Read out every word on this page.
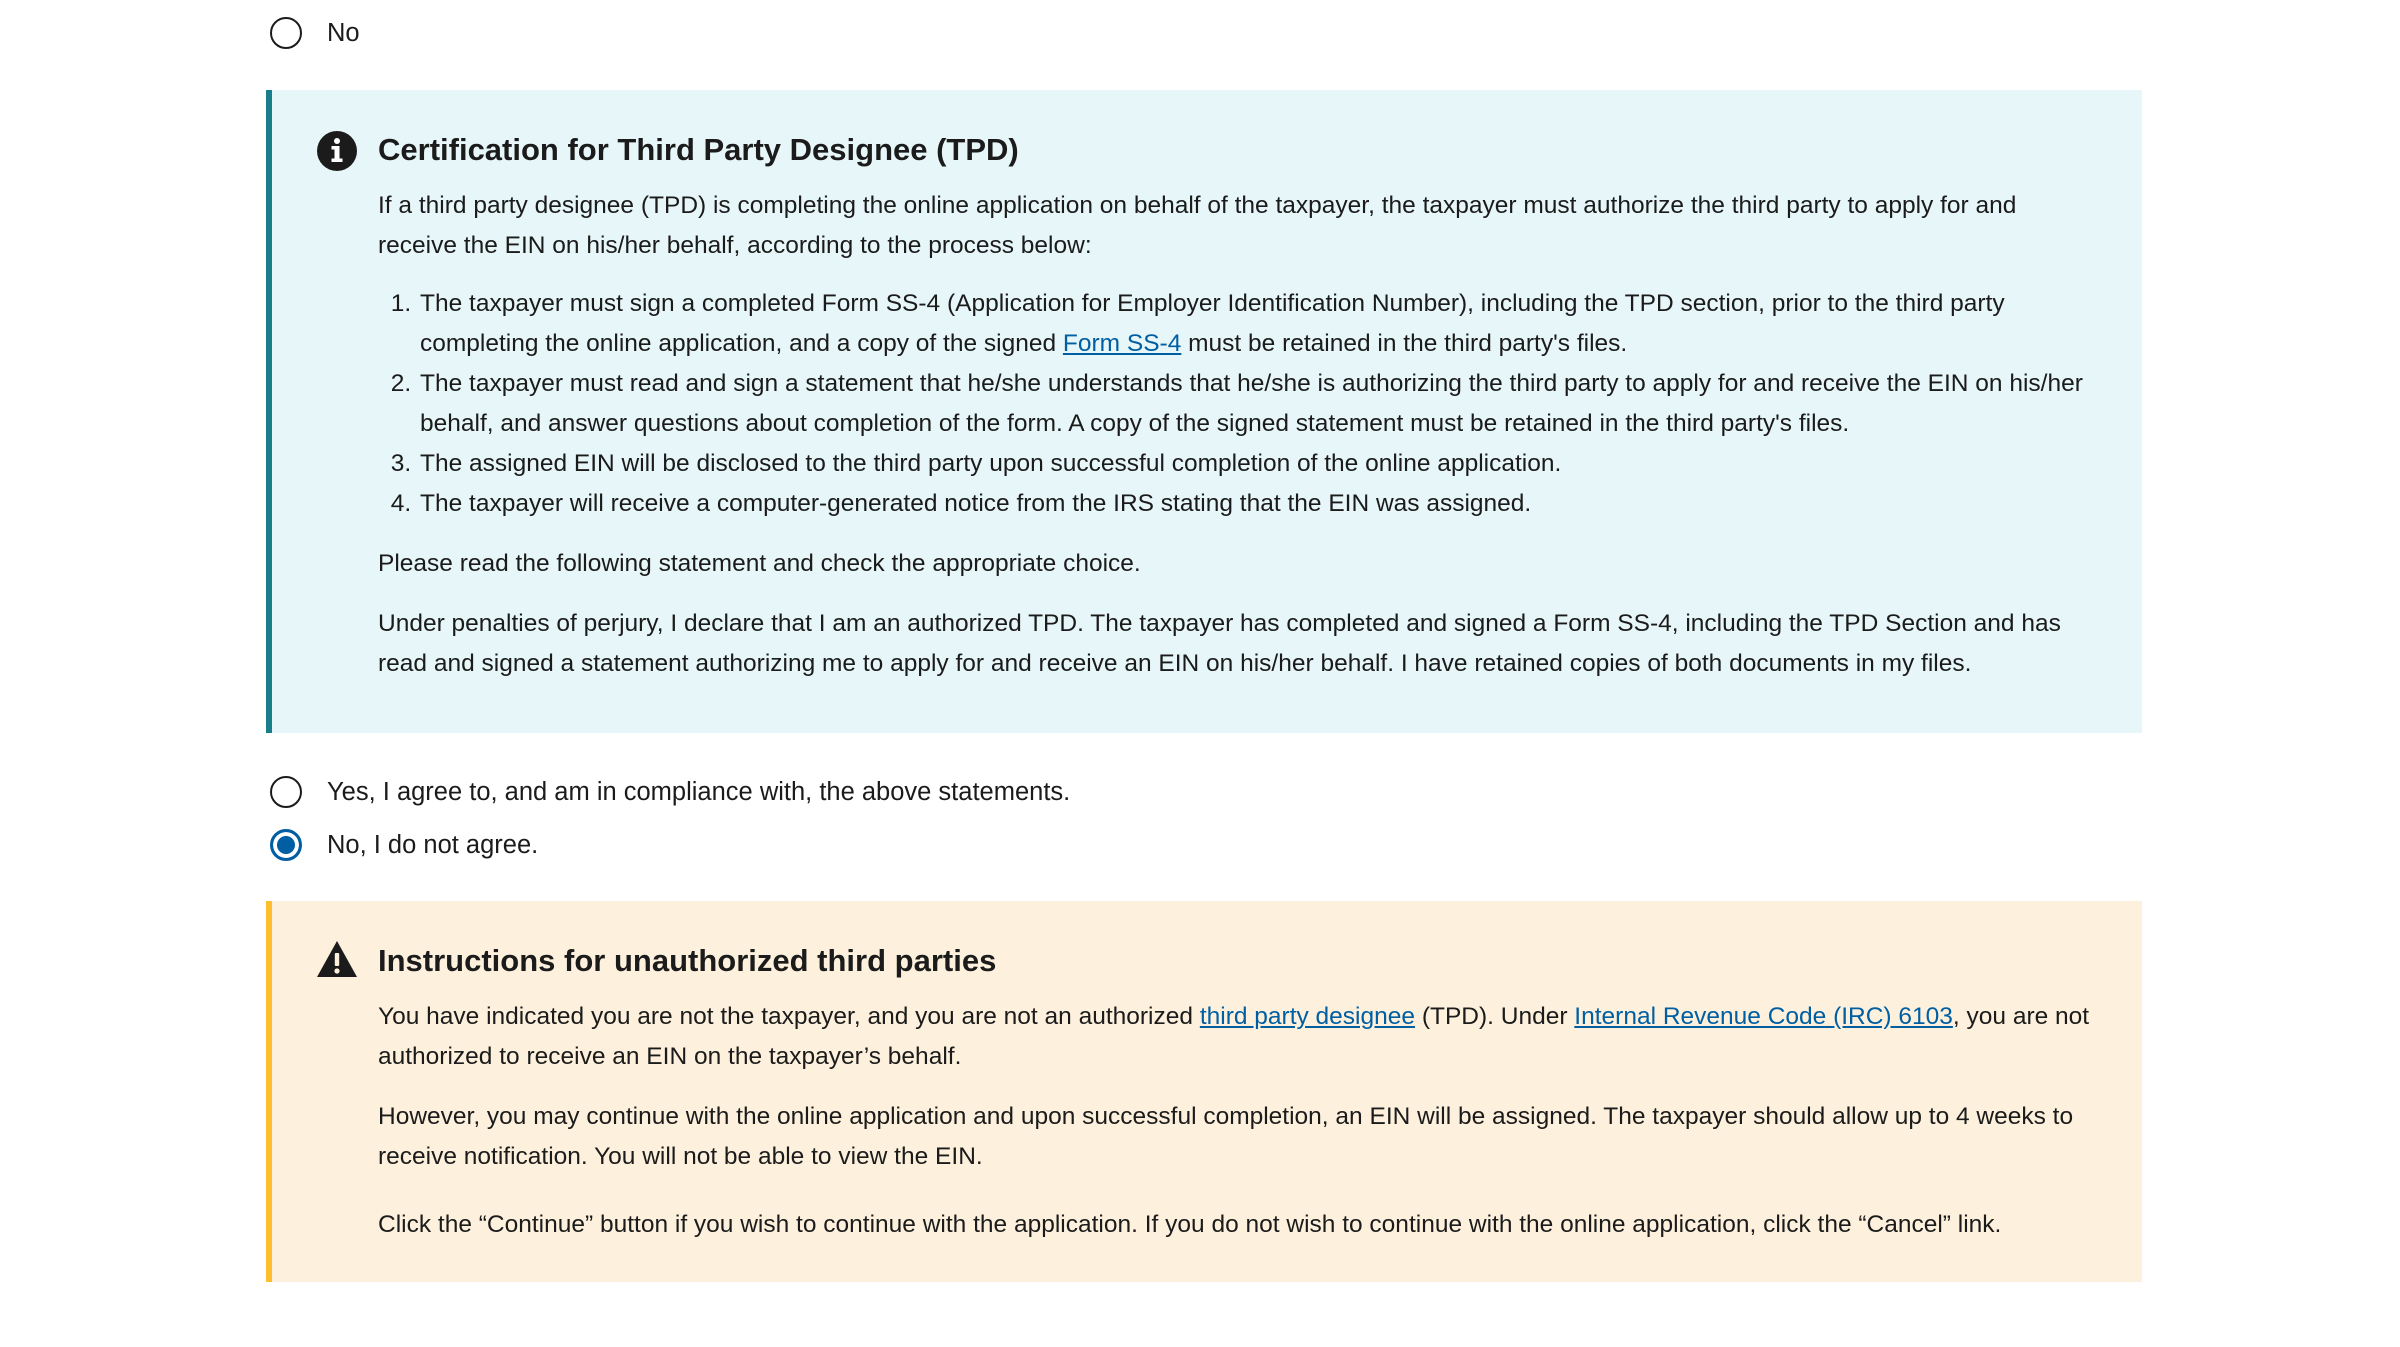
No
Certification for Third Party Designee (TPD)

If a third party designee (TPD) is completing the online application on behalf of the taxpayer, the taxpayer must authorize the third party to apply for and receive the EIN on his/her behalf, according to the process below:

1. The taxpayer must sign a completed Form SS-4 (Application for Employer Identification Number), including the TPD section, prior to the third party completing the online application, and a copy of the signed Form SS-4 must be retained in the third party's files.
2. The taxpayer must read and sign a statement that he/she understands that he/she is authorizing the third party to apply for and receive the EIN on his/her behalf, and answer questions about completion of the form. A copy of the signed statement must be retained in the third party's files.
3. The assigned EIN will be disclosed to the third party upon successful completion of the online application.
4. The taxpayer will receive a computer-generated notice from the IRS stating that the EIN was assigned.

Please read the following statement and check the appropriate choice.

Under penalties of perjury, I declare that I am an authorized TPD. The taxpayer has completed and signed a Form SS-4, including the TPD Section and has read and signed a statement authorizing me to apply for and receive an EIN on his/her behalf. I have retained copies of both documents in my files.

Yes, I agree to, and am in compliance with, the above statements.
No, I do not agree.
Instructions for unauthorized third parties

You have indicated you are not the taxpayer, and you are not an authorized third party designee (TPD). Under Internal Revenue Code (IRC) 6103, you are not authorized to receive an EIN on the taxpayer’s behalf.

However, you may continue with the online application and upon successful completion, an EIN will be assigned. The taxpayer should allow up to 4 weeks to receive notification. You will not be able to view the EIN.

Click the “Continue” button if you wish to continue with the application. If you do not wish to continue with the online application, click the “Cancel” link.
